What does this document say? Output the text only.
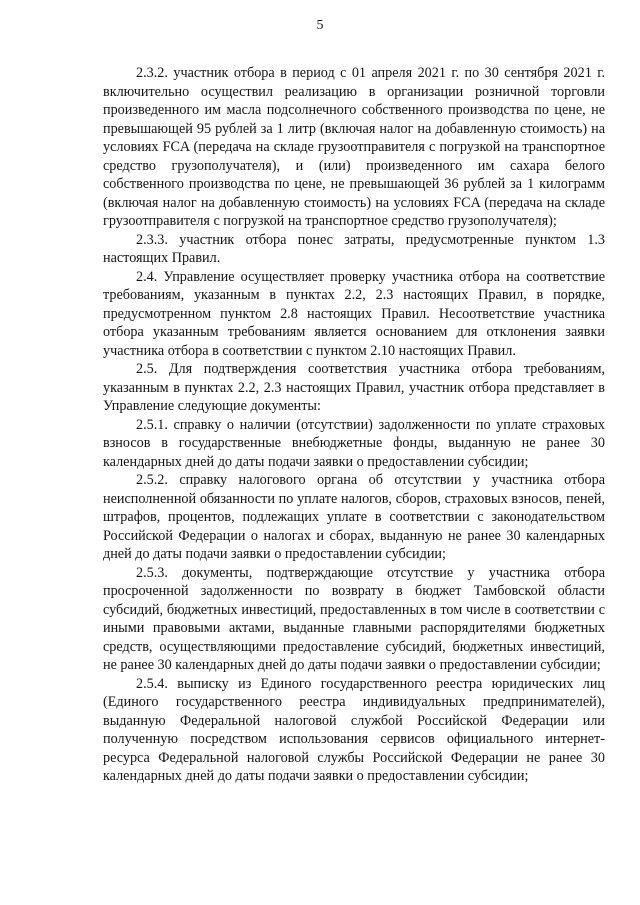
5

2.3.2. участник отбора в период с 01 апреля 2021 г. по 30 сентября 2021 г. включительно осуществил реализацию в организации розничной торговли произведенного им масла подсолнечного собственного производства по цене, не превышающей 95 рублей за 1 литр (включая налог на добавленную стоимость) на условиях FCA (передача на складе грузоотправителя с погрузкой на транспортное средство грузополучателя), и (или) произведенного им сахара белого собственного производства по цене, не превышающей 36 рублей за 1 килограмм (включая налог на добавленную стоимость) на условиях FCA (передача на складе грузоотправителя с погрузкой на транспортное средство грузополучателя);

2.3.3. участник отбора понес затраты, предусмотренные пунктом 1.3 настоящих Правил.

2.4. Управление осуществляет проверку участника отбора на соответствие требованиям, указанным в пунктах 2.2, 2.3 настоящих Правил, в порядке, предусмотренном пунктом 2.8 настоящих Правил. Несоответствие участника отбора указанным требованиям является основанием для отклонения заявки участника отбора в соответствии с пунктом 2.10 настоящих Правил.

2.5. Для подтверждения соответствия участника отбора требованиям, указанным в пунктах 2.2, 2.3 настоящих Правил, участник отбора представляет в Управление следующие документы:

2.5.1. справку о наличии (отсутствии) задолженности по уплате страховых взносов в государственные внебюджетные фонды, выданную не ранее 30 календарных дней до даты подачи заявки о предоставлении субсидии;

2.5.2. справку налогового органа об отсутствии у участника отбора неисполненной обязанности по уплате налогов, сборов, страховых взносов, пеней, штрафов, процентов, подлежащих уплате в соответствии с законодательством Российской Федерации о налогах и сборах, выданную не ранее 30 календарных дней до даты подачи заявки о предоставлении субсидии;

2.5.3. документы, подтверждающие отсутствие у участника отбора просроченной задолженности по возврату в бюджет Тамбовской области субсидий, бюджетных инвестиций, предоставленных в том числе в соответствии с иными правовыми актами, выданные главными распорядителями бюджетных средств, осуществляющими предоставление субсидий, бюджетных инвестиций, не ранее 30 календарных дней до даты подачи заявки о предоставлении субсидии;

2.5.4. выписку из Единого государственного реестра юридических лиц (Единого государственного реестра индивидуальных предпринимателей), выданную Федеральной налоговой службой Российской Федерации или полученную посредством использования сервисов официального интернет-ресурса Федеральной налоговой службы Российской Федерации не ранее 30 календарных дней до даты подачи заявки о предоставлении субсидии;
